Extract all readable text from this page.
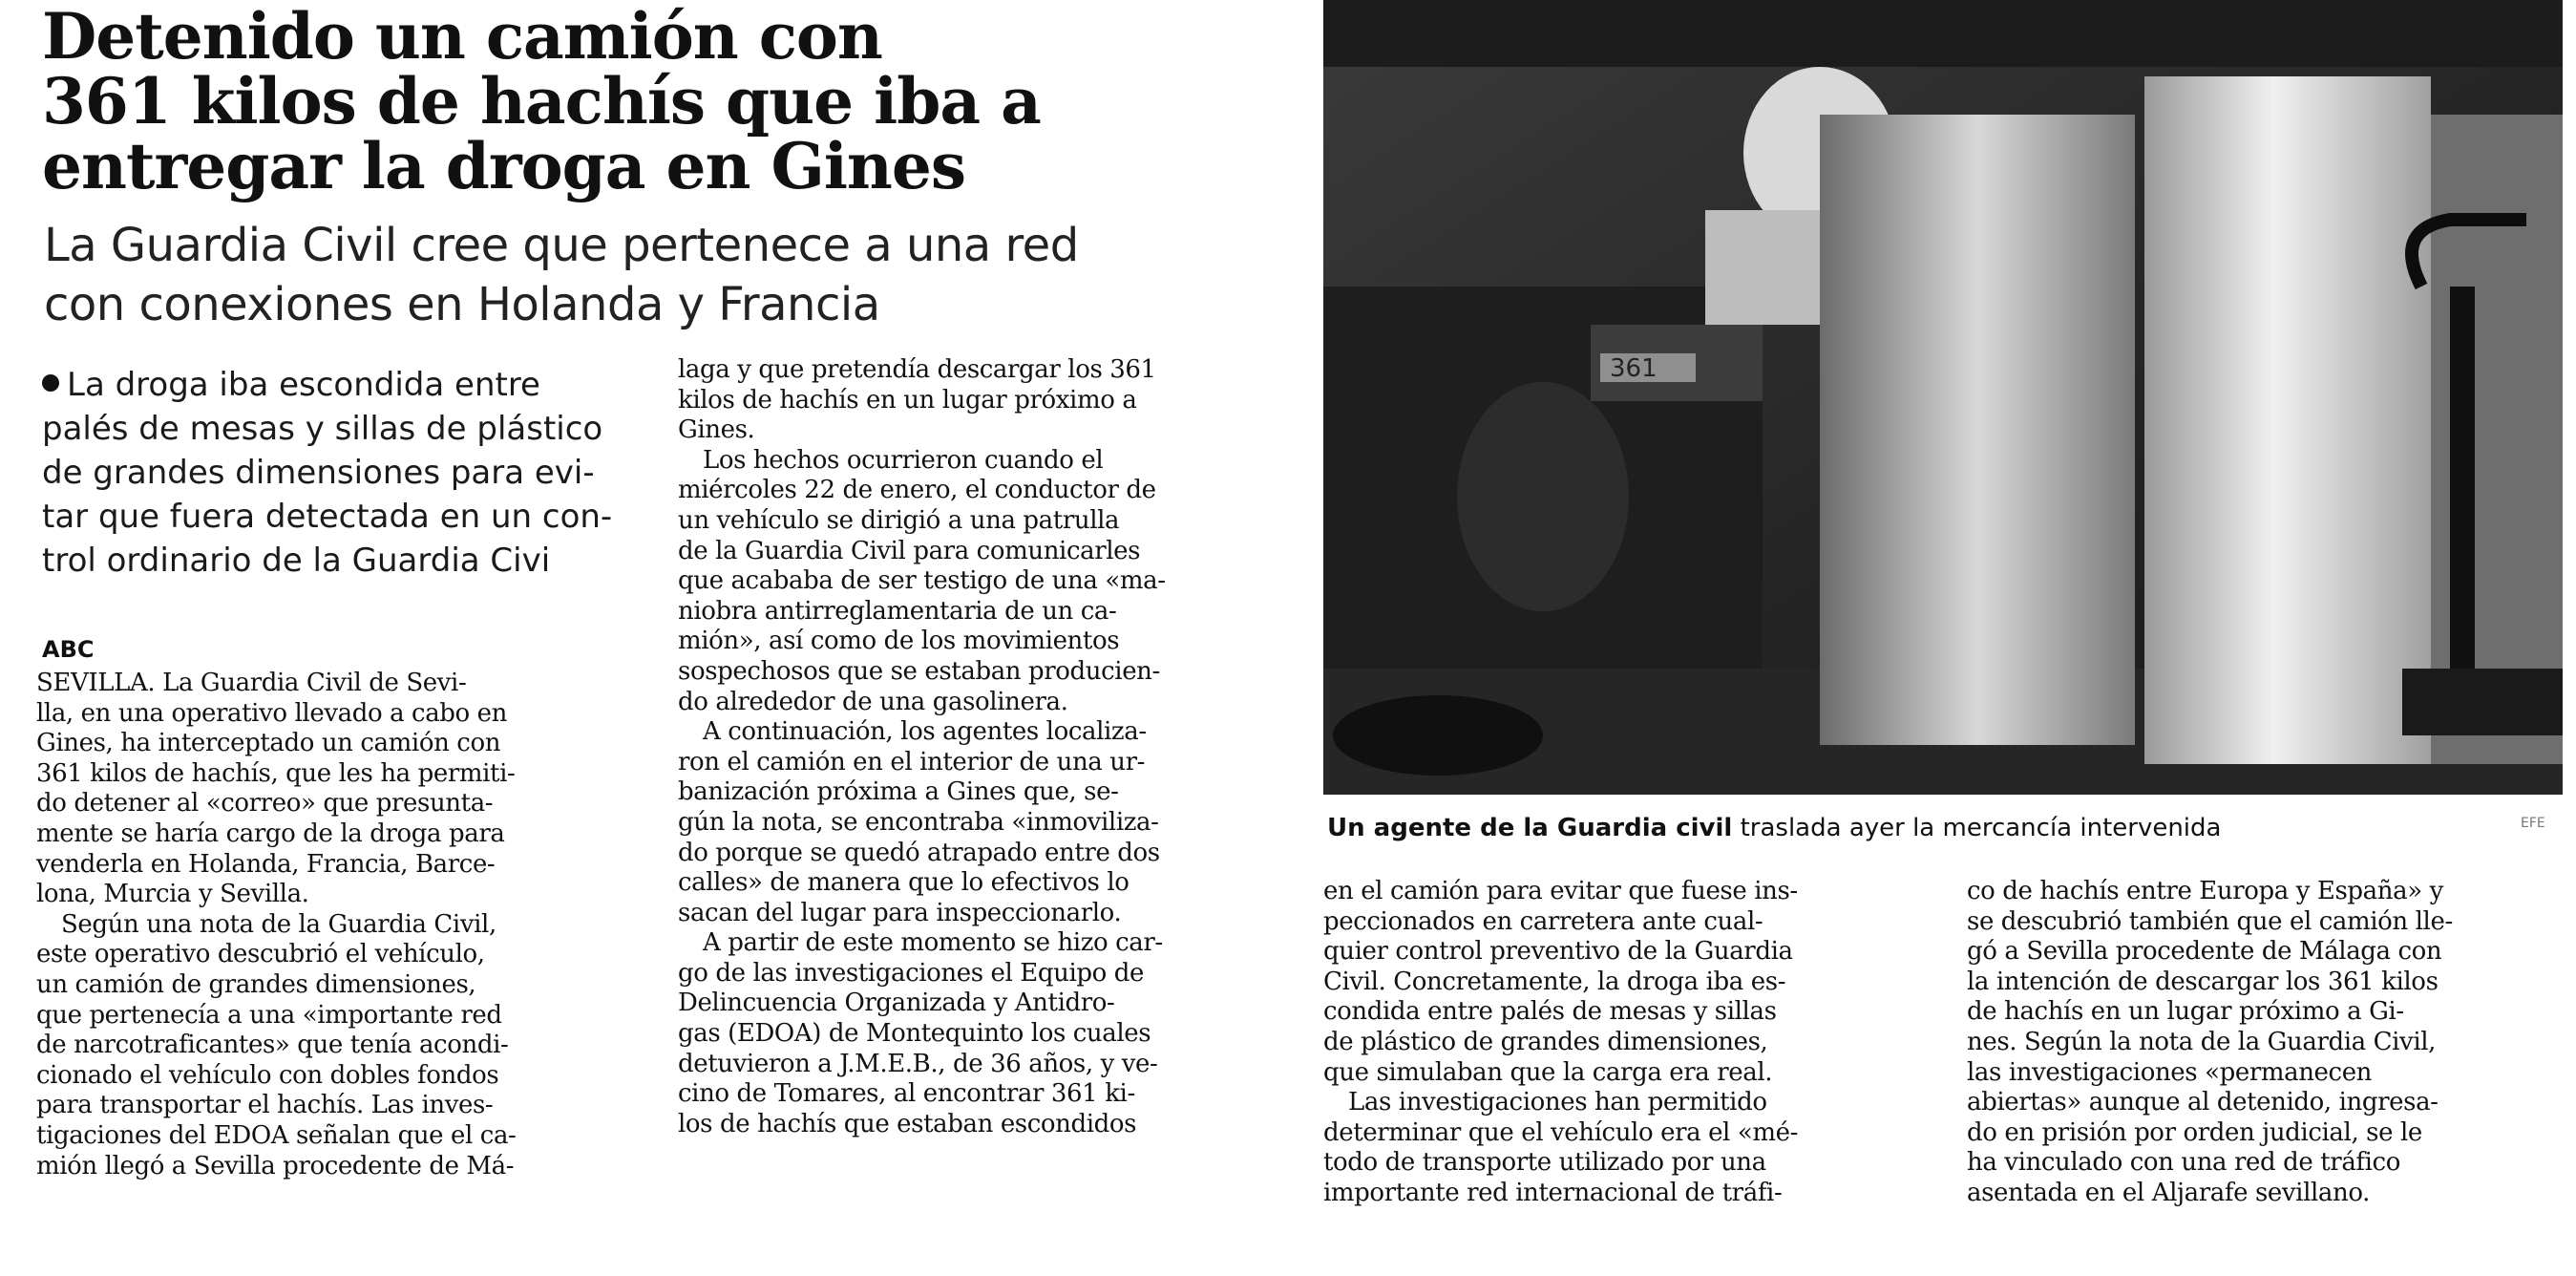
Detenido un camión con
361 kilos de hachís que iba a
entregar la droga en Gines
La Guardia Civil cree que pertenece a una red
con conexiones en Holanda y Francia
La droga iba escondida entre
palés de mesas y sillas de plástico
de grandes dimensiones para evi-
tar que fuera detectada en un con-
trol ordinario de la Guardia Civi
ABC
SEVILLA. La Guardia Civil de Sevi-
lla, en una operativo llevado a cabo en
Gines, ha interceptado un camión con
361 kilos de hachís, que les ha permiti-
do detener al «correo» que presunta-
mente se haría cargo de la droga para
venderla en Holanda, Francia, Barce-
lona, Murcia y Sevilla.
Según una nota de la Guardia Civil,
este operativo descubrió el vehículo,
un camión de grandes dimensiones,
que pertenecía a una «importante red
de narcotraficantes» que tenía acondi-
cionado el vehículo con dobles fondos
para transportar el hachís. Las inves-
tigaciones del EDOA señalan que el ca-
mión llegó a Sevilla procedente de Má-
laga y que pretendía descargar los 361
kilos de hachís en un lugar próximo a
Gines.
Los hechos ocurrieron cuando el
miércoles 22 de enero, el conductor de
un vehículo se dirigió a una patrulla
de la Guardia Civil para comunicarles
que acababa de ser testigo de una «ma-
niobra antirreglamentaria de un ca-
mión», así como de los movimientos
sospechosos que se estaban producien-
do alrededor de una gasolinera.
A continuación, los agentes localiza-
ron el camión en el interior de una ur-
banización próxima a Gines que, se-
gún la nota, se encontraba «inmoviliza-
do porque se quedó atrapado entre dos
calles» de manera que lo efectivos lo
sacan del lugar para inspeccionarlo.
A partir de este momento se hizo car-
go de las investigaciones el Equipo de
Delincuencia Organizada y Antidro-
gas (EDOA) de Montequinto los cuales
detuvieron a J.M.E.B., de 36 años, y ve-
cino de Tomares, al encontrar 361 ki-
los de hachís que estaban escondidos
361
Un agente de la Guardia civil traslada ayer la mercancía intervenida	EFE
en el camión para evitar que fuese ins-
peccionados en carretera ante cual-
quier control preventivo de la Guardia
Civil. Concretamente, la droga iba es-
condida entre palés de mesas y sillas
de plástico de grandes dimensiones,
que simulaban que la carga era real.
Las investigaciones han permitido
determinar que el vehículo era el «mé-
todo de transporte utilizado por una
importante red internacional de tráfi-
co de hachís entre Europa y España» y
se descubrió también que el camión lle-
gó a Sevilla procedente de Málaga con
la intención de descargar los 361 kilos
de hachís en un lugar próximo a Gi-
nes. Según la nota de la Guardia Civil,
las investigaciones «permanecen
abiertas» aunque al detenido, ingresa-
do en prisión por orden judicial, se le
ha vinculado con una red de tráfico
asentada en el Aljarafe sevillano.
